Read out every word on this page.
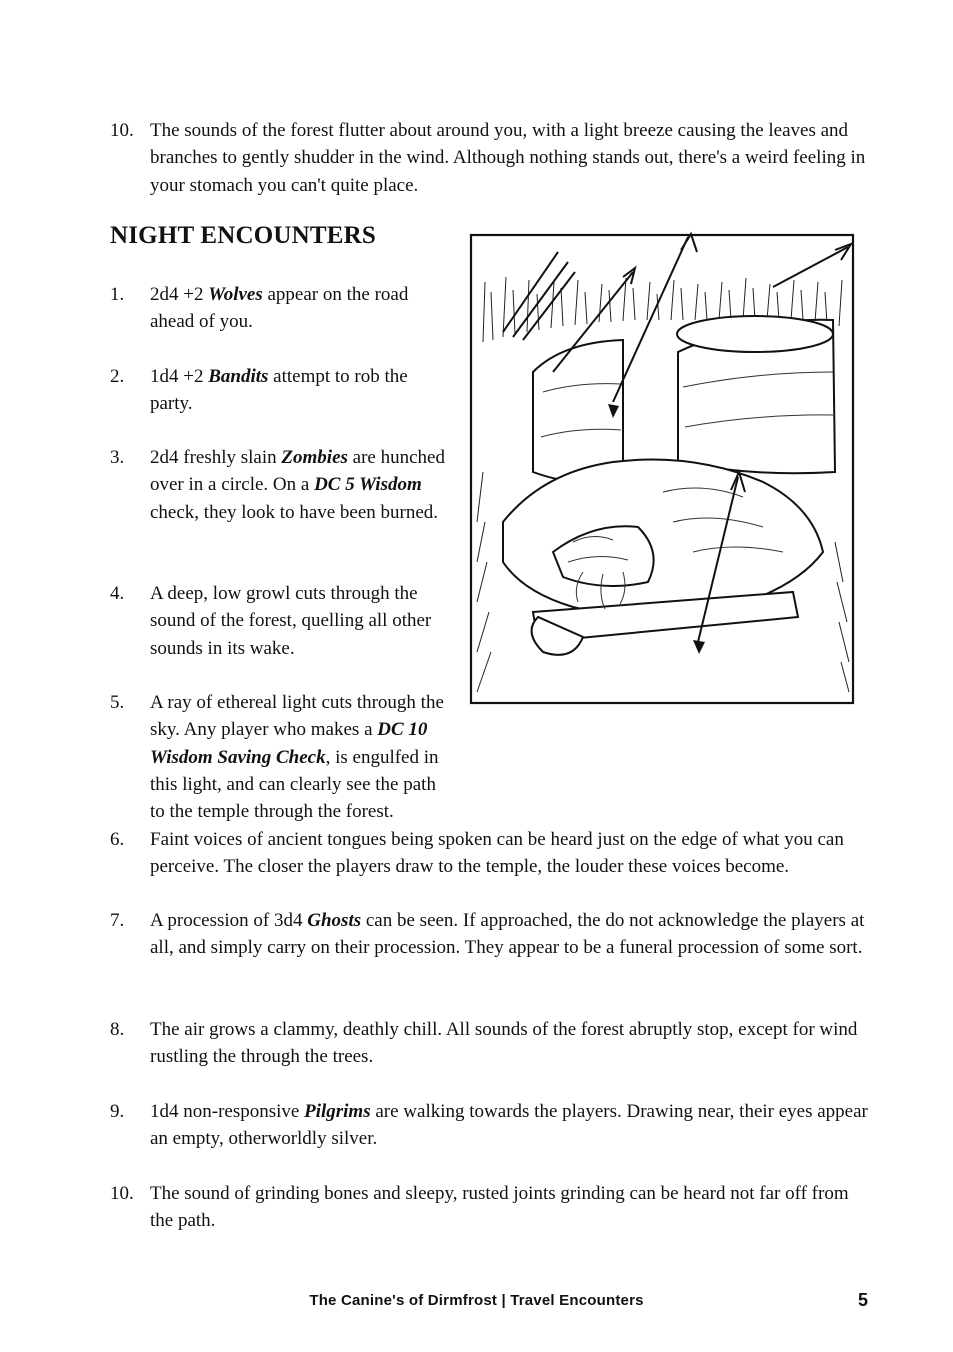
10. The sounds of the forest flutter about around you, with a light breeze causing the leaves and branches to gently shudder in the wind. Although nothing stands out, there's a weird feeling in your stomach you can't quite place.
NIGHT ENCOUNTERS
1. 2d4 +2 Wolves appear on the road ahead of you.
2. 1d4 +2 Bandits attempt to rob the party.
3. 2d4 freshly slain Zombies are hunched over in a circle. On a DC 5 Wisdom check, they look to have been burned.
4. A deep, low growl cuts through the sound of the forest, quelling all other sounds in its wake.
5. A ray of ethereal light cuts through the sky. Any player who makes a DC 10 Wisdom Saving Check, is engulfed in this light, and can clearly see the path to the temple through the forest.
6. Faint voices of ancient tongues being spoken can be heard just on the edge of what you can perceive. The closer the players draw to the temple, the louder these voices become.
7. A procession of 3d4 Ghosts can be seen. If approached, the do not acknowledge the players at all, and simply carry on their procession. They appear to be a funeral procession of some sort.
8. The air grows a clammy, deathly chill. All sounds of the forest abruptly stop, except for wind rustling the through the trees.
9. 1d4 non-responsive Pilgrims are walking towards the players. Drawing near, their eyes appear an empty, otherworldly silver.
10. The sound of grinding bones and sleepy, rusted joints grinding can be heard not far off from the path.
The Canine's of Dirmfrost | Travel Encounters	5
